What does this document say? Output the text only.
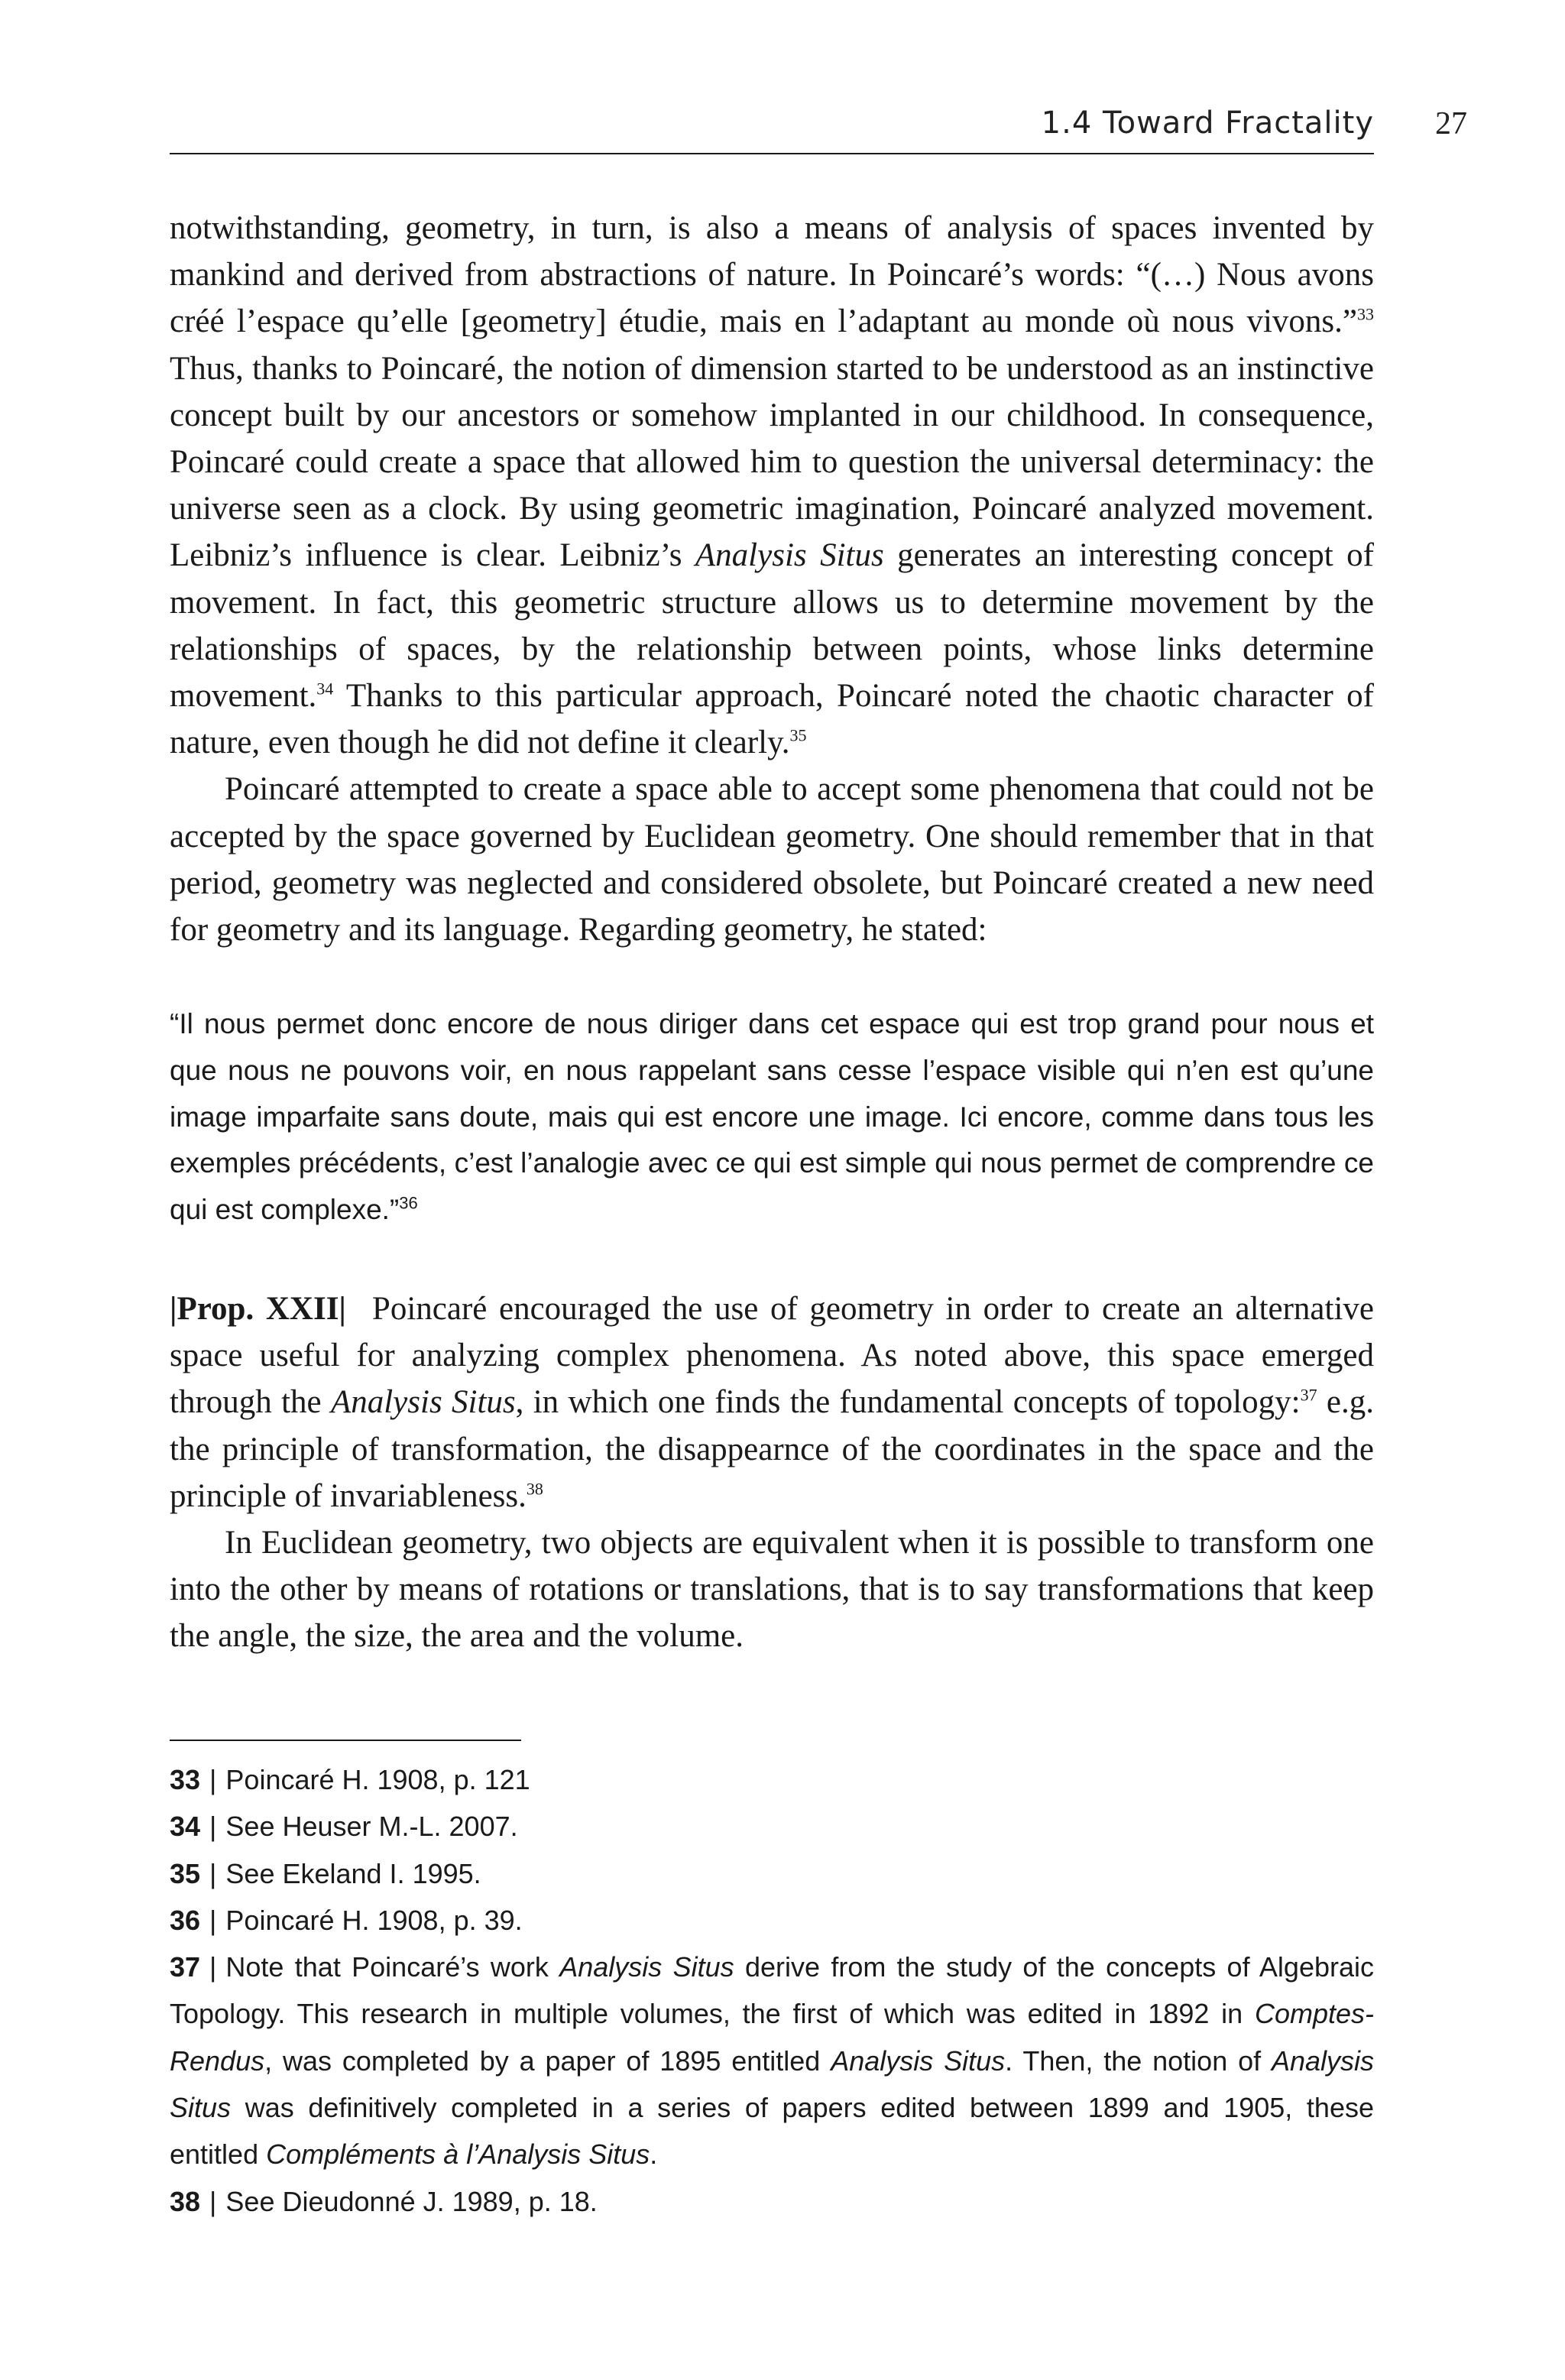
1.4 Toward Fractality 27

notwithstanding, geometry, in turn, is also a means of analysis of spaces invented by mankind and derived from abstractions of nature. In Poincaré’s words: “(…) Nous avons créé l’espace qu’elle [geometry] étudie, mais en l’adaptant au monde où nous vivons.”$^{33}$ Thus, thanks to Poincaré, the notion of dimension started to be understood as an instinctive concept built by our ancestors or somehow implanted in our childhood. In consequence, Poincaré could create a space that allowed him to question the universal determinacy: the universe seen as a clock. By using geometric imagination, Poincaré analyzed movement. Leibniz’s influence is clear. Leibniz’s Analysis Situs generates an interesting concept of movement. In fact, this geometric structure allows us to determine movement by the relationships of spaces, by the relationship between points, whose links determine movement.$^{34}$ Thanks to this particular approach, Poincaré noted the chaotic character of nature, even though he did not define it clearly.$^{35}$

Poincaré attempted to create a space able to accept some phenomena that could not be accepted by the space governed by Euclidean geometry. One should remember that in that period, geometry was neglected and considered obsolete, but Poincaré created a new need for geometry and its language. Regarding geometry, he stated:

“Il nous permet donc encore de nous diriger dans cet espace qui est trop grand pour nous et que nous ne pouvons voir, en nous rappelant sans cesse l’espace visible qui n’en est qu’une image imparfaite sans doute, mais qui est encore une image. Ici encore, comme dans tous les exemples précédents, c’est l’analogie avec ce qui est simple qui nous permet de comprendre ce qui est complexe.”$^{36}$

|Prop. XXII| Poincaré encouraged the use of geometry in order to create an alternative space useful for analyzing complex phenomena. As noted above, this space emerged through the Analysis Situs, in which one finds the fundamental concepts of topology:$^{37}$ e.g. the principle of transformation, the disappearnce of the coordinates in the space and the principle of invariableness.$^{38}$

In Euclidean geometry, two objects are equivalent when it is possible to transform one into the other by means of rotations or translations, that is to say transformations that keep the angle, the size, the area and the volume.

33 | Poincaré H. 1908, p. 121

34 | See Heuser M.-L. 2007.

35 | See Ekeland I. 1995.

36 | Poincaré H. 1908, p. 39.

37 | Note that Poincaré’s work Analysis Situs derive from the study of the concepts of Algebraic Topology. This research in multiple volumes, the first of which was edited in 1892 in Comptes-Rendus, was completed by a paper of 1895 entitled Analysis Situs. Then, the notion of Analysis Situs was definitively completed in a series of papers edited between 1899 and 1905, these entitled Compléments à l’Analysis Situs.

38 | See Dieudonné J. 1989, p. 18.
